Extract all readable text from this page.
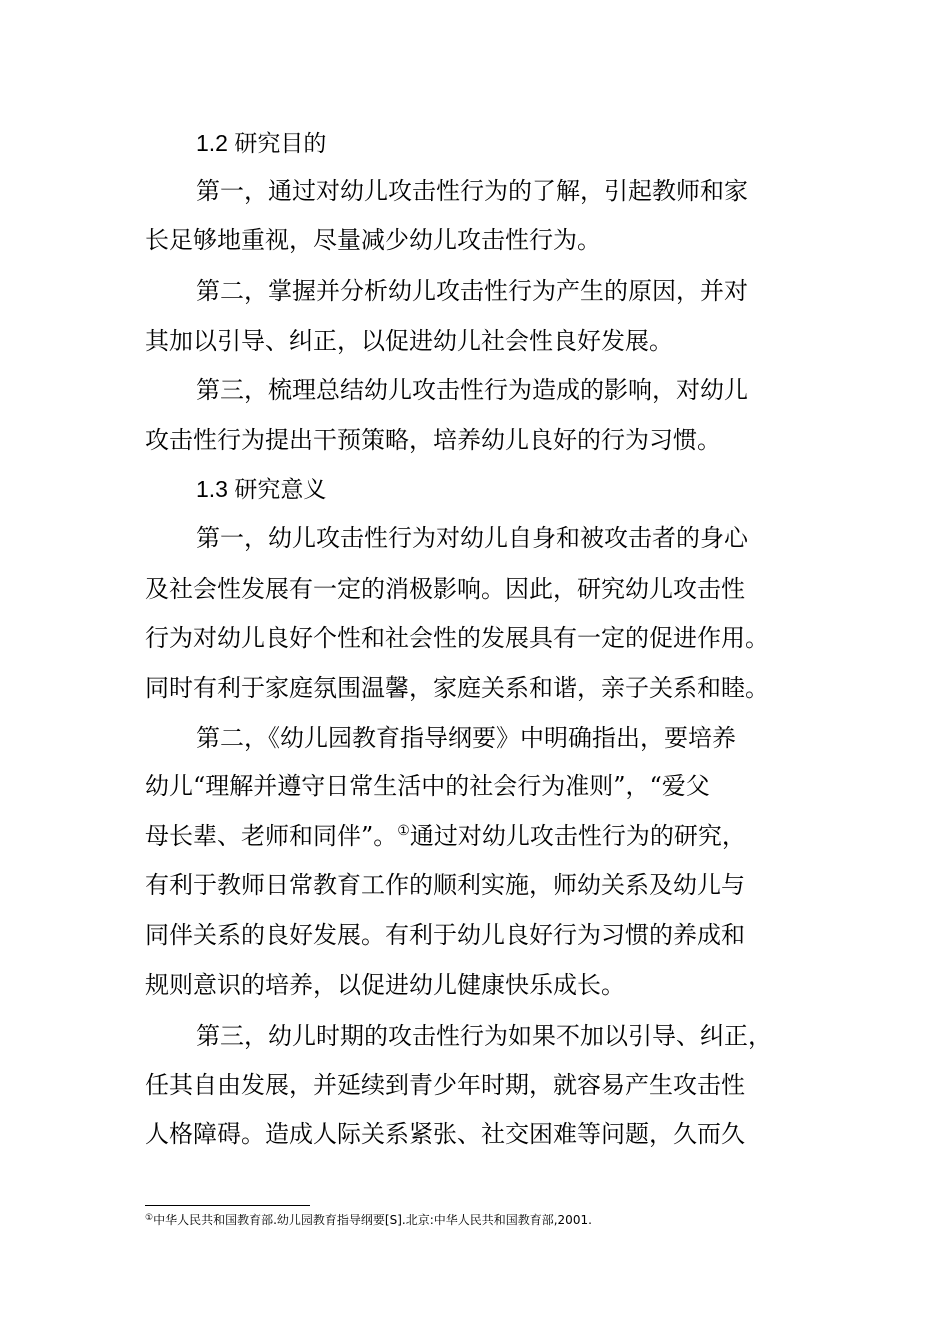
1.2 研究目的
第一，通过对幼儿攻击性行为的了解，引起教师和家
长足够地重视，尽量减少幼儿攻击性行为。
第二，掌握并分析幼儿攻击性行为产生的原因，并对
其加以引导、纠正，以促进幼儿社会性良好发展。
第三，梳理总结幼儿攻击性行为造成的影响，对幼儿
攻击性行为提出干预策略，培养幼儿良好的行为习惯。
1.3 研究意义
第一，幼儿攻击性行为对幼儿自身和被攻击者的身心
及社会性发展有一定的消极影响。因此，研究幼儿攻击性
行为对幼儿良好个性和社会性的发展具有一定的促进作用。
同时有利于家庭氛围温馨，家庭关系和谐，亲子关系和睦。
第二，《幼儿园教育指导纲要》中明确指出，要培养
幼儿“理解并遵守日常生活中的社会行为准则”，“爱父
母长辈、老师和同伴”。①通过对幼儿攻击性行为的研究，
有利于教师日常教育工作的顺利实施，师幼关系及幼儿与
同伴关系的良好发展。有利于幼儿良好行为习惯的养成和
规则意识的培养，以促进幼儿健康快乐成长。
第三，幼儿时期的攻击性行为如果不加以引导、纠正，
任其自由发展，并延续到青少年时期，就容易产生攻击性
人格障碍。造成人际关系紧张、社交困难等问题，久而久
①中华人民共和国教育部.幼儿园教育指导纲要[S].北京:中华人民共和国教育部,2001.
